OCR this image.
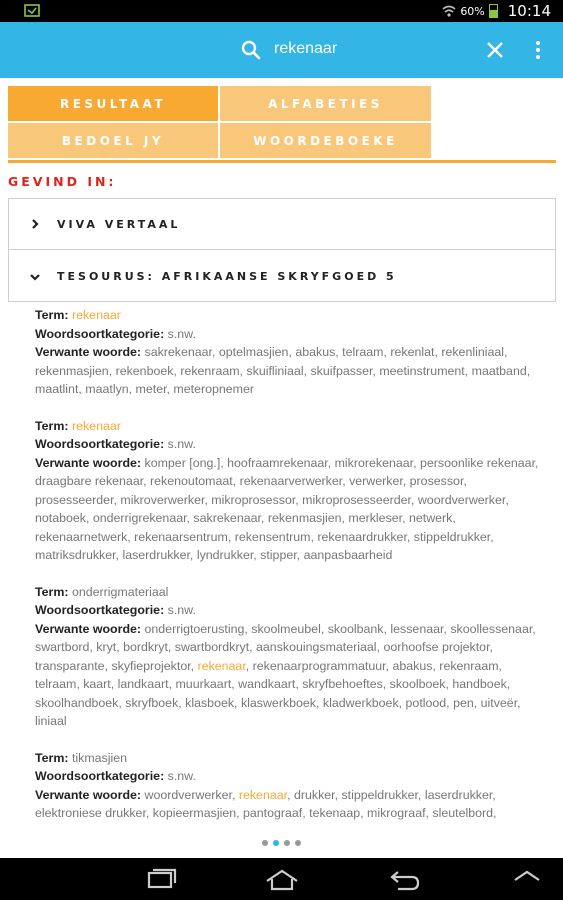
60% 10:14
rekenaar
RESULTAAT	ALFABETIES
BEDOEL JY	WOORDEBOEKE
GEVIND IN:
VIVA VERTAAL
TESOURUS: AFRIKAANSE SKRYFGOED 5
Term: rekenaar
Woordsoortkategorie: s.nw.
Verwante woorde: sakrekenaar, optelmasjien, abakus, telraam, rekenlat, rekenliniaal, rekenmasjien, rekenboek, rekenraam, skuifliniaal, skuifpasser, meetinstrument, maatband, maatlint, maatlyn, meter, meteropnemer
Term: rekenaar
Woordsoortkategorie: s.nw.
Verwante woorde: komper [ong.], hoofraamrekenaar, mikrorekenaar, persoonlike rekenaar, draagbare rekenaar, rekenoutomaat, rekenaarverwerker, verwerker, prosessor, prosesseerder, mikroverwerker, mikroprosessor, mikroprosesseerder, woordverwerker, notaboek, onderrigrekenaar, sakrekenaar, rekenmasjien, merkleser, netwerk, rekenaarnetwerk, rekenaarsentrum, rekensentrum, rekenaardrukker, stippeldrukker, matriksdrukker, laserdrukker, lyndrukker, stipper, aanpasbaarheid
Term: onderrigmateriaal
Woordsoortkategorie: s.nw.
Verwante woorde: onderrigtoerusting, skoolmeubel, skoolbank, lessenaar, skoollessenaar, swartbord, kryt, bordkryt, swartbordkryt, aanskouingsmateriaal, oorhoofse projektor, transparante, skyfieprojektor, rekenaar, rekenaarprogrammatuur, abakus, rekenraam, telraam, kaart, landkaart, muurkaart, wandkaart, skryfbehoeftes, skoolboek, handboek, skoolhandboek, skryfboek, klasboek, klaswerkboek, kladwerkboek, potlood, pen, uitveër, liniaal
Term: tikmasjien
Woordsoortkategorie: s.nw.
Verwante woorde: woordverwerker, rekenaar, drukker, stippeldrukker, laserdrukker, elektroniese drukker, kopieermasjien, pantograaf, tekenaap, mikrograaf, sleutelbord,
